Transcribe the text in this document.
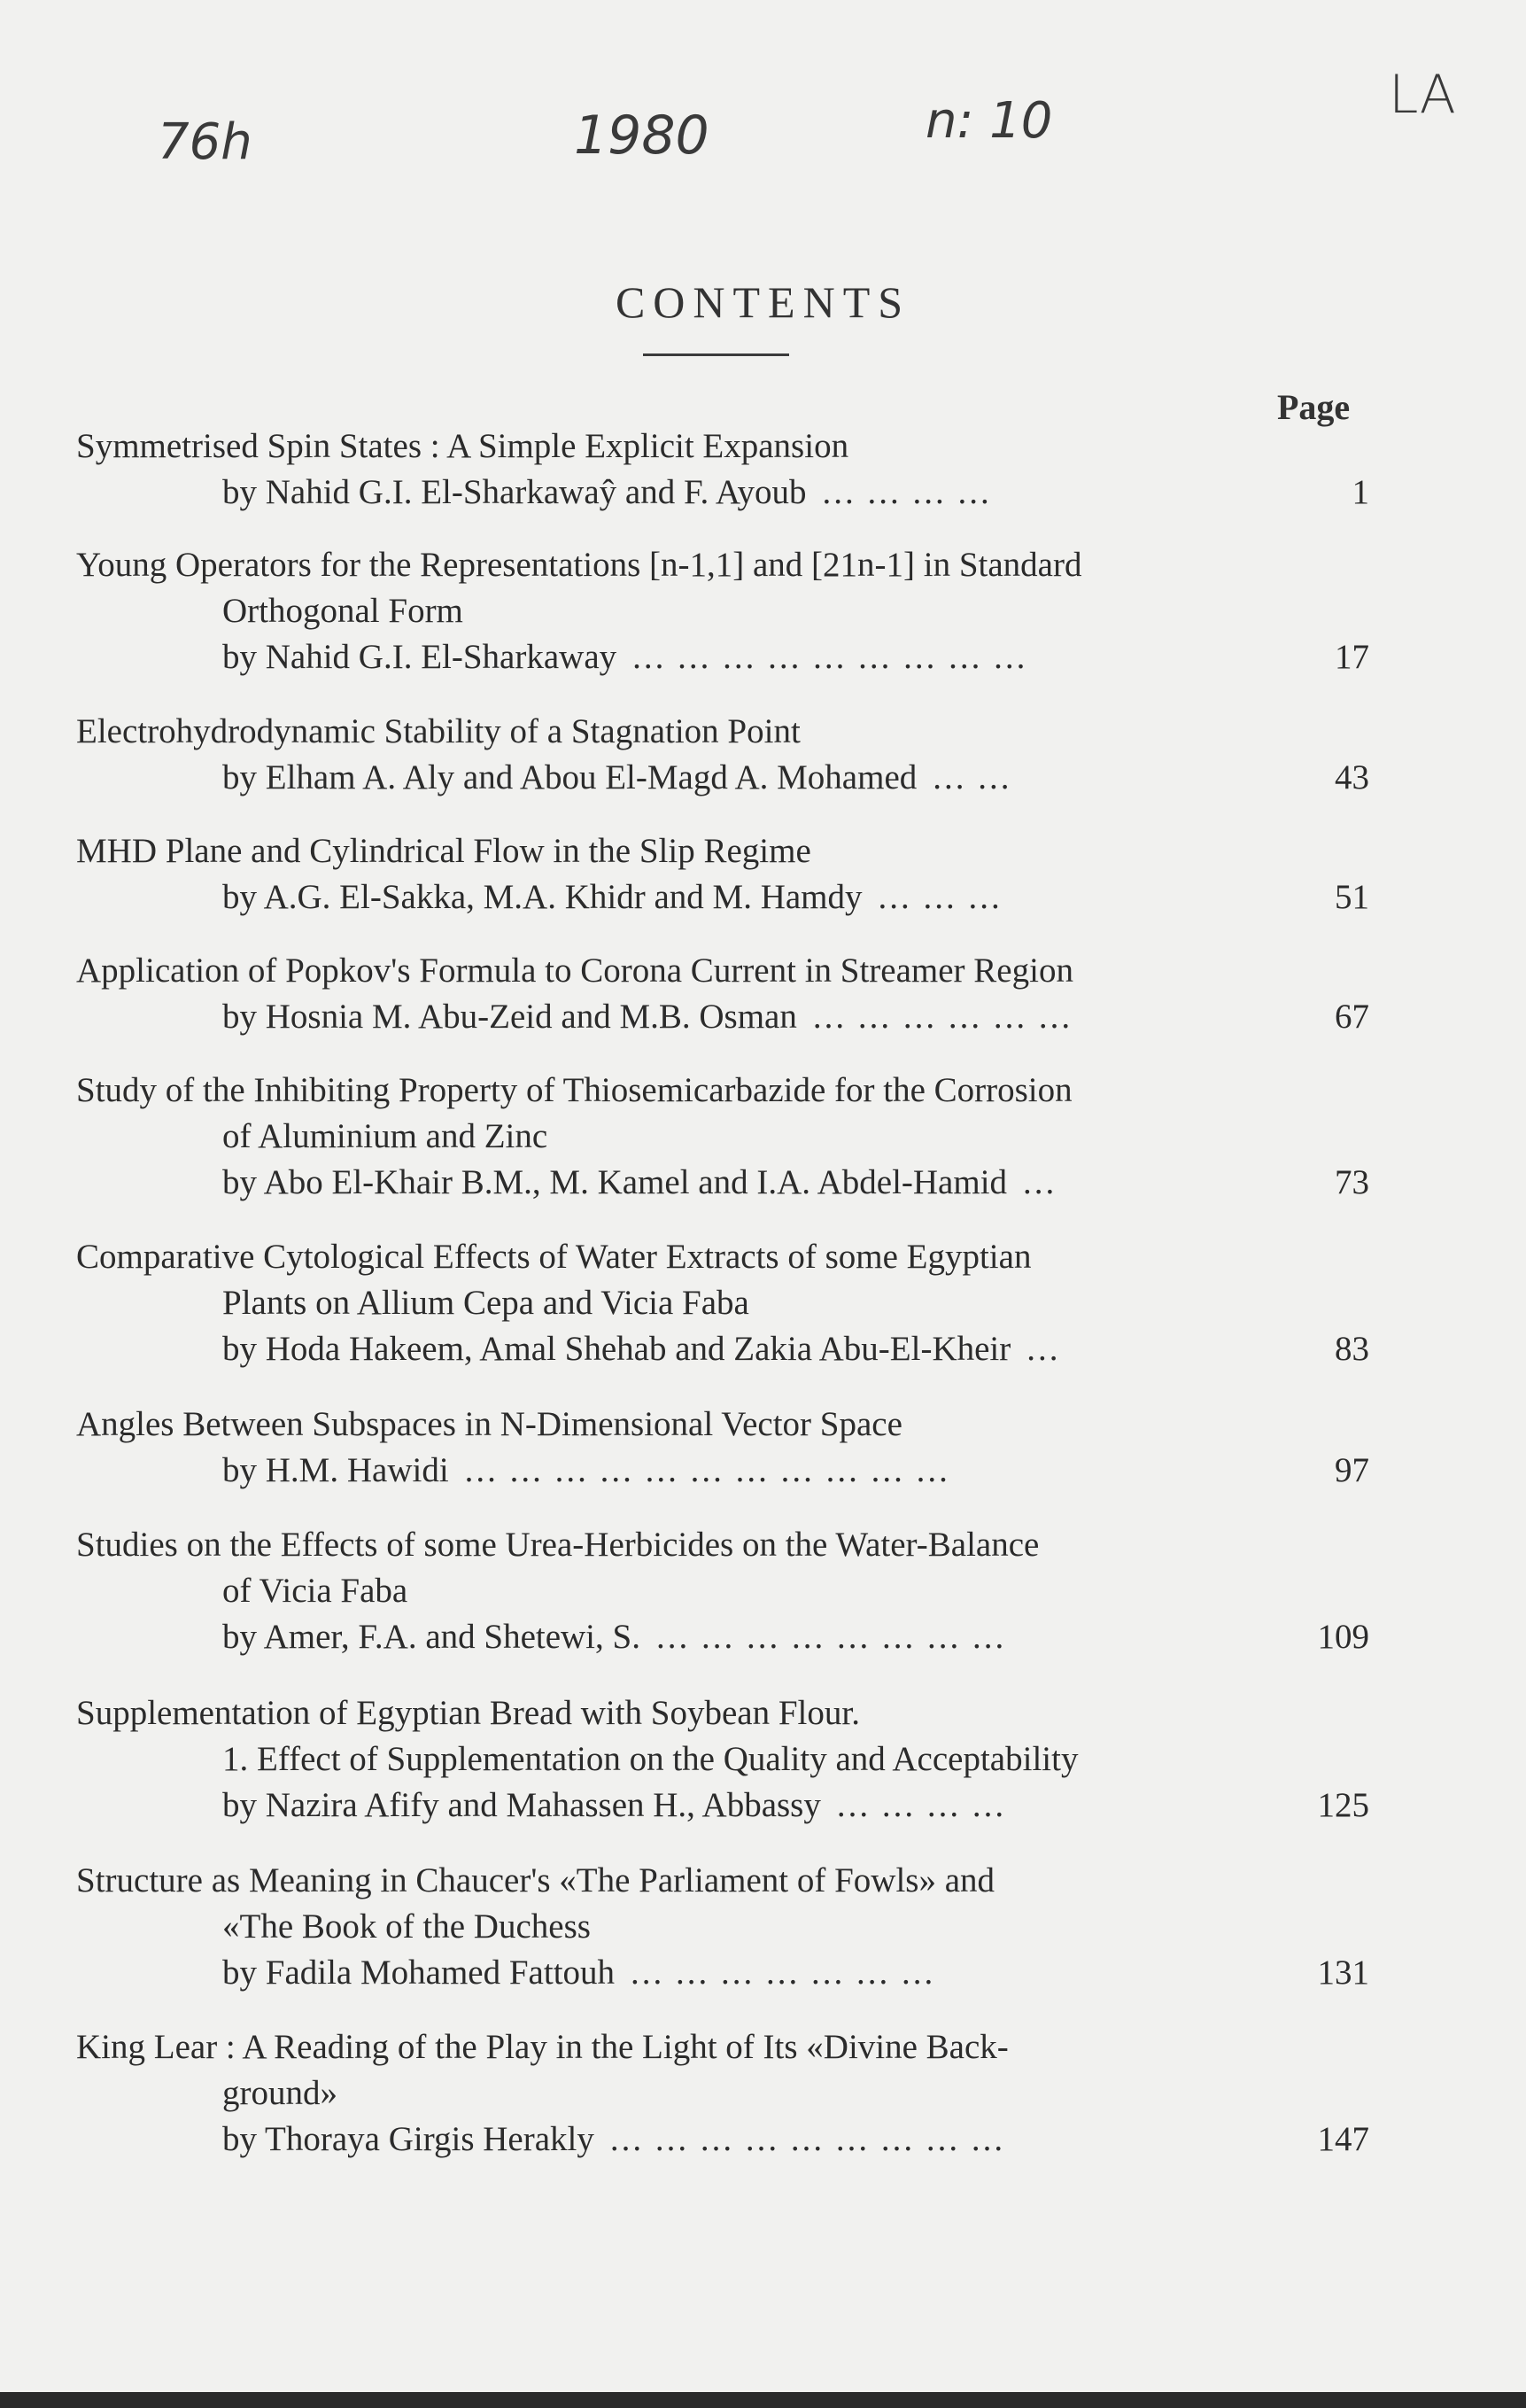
76h	1980	n: 10	LA
CONTENTS
Page
Symmetrised Spin States : A Simple Explicit Expansion
by Nahid G.I. El-Sharkawaŷ and F. Ayoub ... ... ... ...	1
Young Operators for the Representations [n-1,1] and [21n-1] in Standard
Orthogonal Form
by Nahid G.I. El-Sharkaway ... ... ... ... ... ... ... ... ...	17
Electrohydrodynamic Stability of a Stagnation Point
by Elham A. Aly and Abou El-Magd A. Mohamed ... ...	43
MHD Plane and Cylindrical Flow in the Slip Regime
by A.G. El-Sakka, M.A. Khidr and M. Hamdy ... ... ...	51
Application of Popkov's Formula to Corona Current in Streamer Region
by Hosnia M. Abu-Zeid and M.B. Osman ... ... ... ... ... ...	67
Study of the Inhibiting Property of Thiosemicarbazide for the Corrosion
of Aluminium and Zinc
by Abo El-Khair B.M., M. Kamel and I.A. Abdel-Hamid ...	73
Comparative Cytological Effects of Water Extracts of some Egyptian
Plants on Allium Cepa and Vicia Faba
by Hoda Hakeem, Amal Shehab and Zakia Abu-El-Kheir ...	83
Angles Between Subspaces in N-Dimensional Vector Space
by H.M. Hawidi ... ... ... ... ... ... ... ... ... ... ...	97
Studies on the Effects of some Urea-Herbicides on the Water-Balance
of Vicia Faba
by Amer, F.A. and Shetewi, S. ... ... ... ... ... ... ... ...	109
Supplementation of Egyptian Bread with Soybean Flour.
1. Effect of Supplementation on the Quality and Acceptability
by Nazira Afify and Mahassen H., Abbassy ... ... ... ...	125
Structure as Meaning in Chaucer's «The Parliament of Fowls» and
«The Book of the Duchess
by Fadila Mohamed Fattouh ... ... ... ... ... ... ...	131
King Lear : A Reading of the Play in the Light of Its «Divine Back-
ground»
by Thoraya Girgis Herakly ... ... ... ... ... ... ... ... ...	147
